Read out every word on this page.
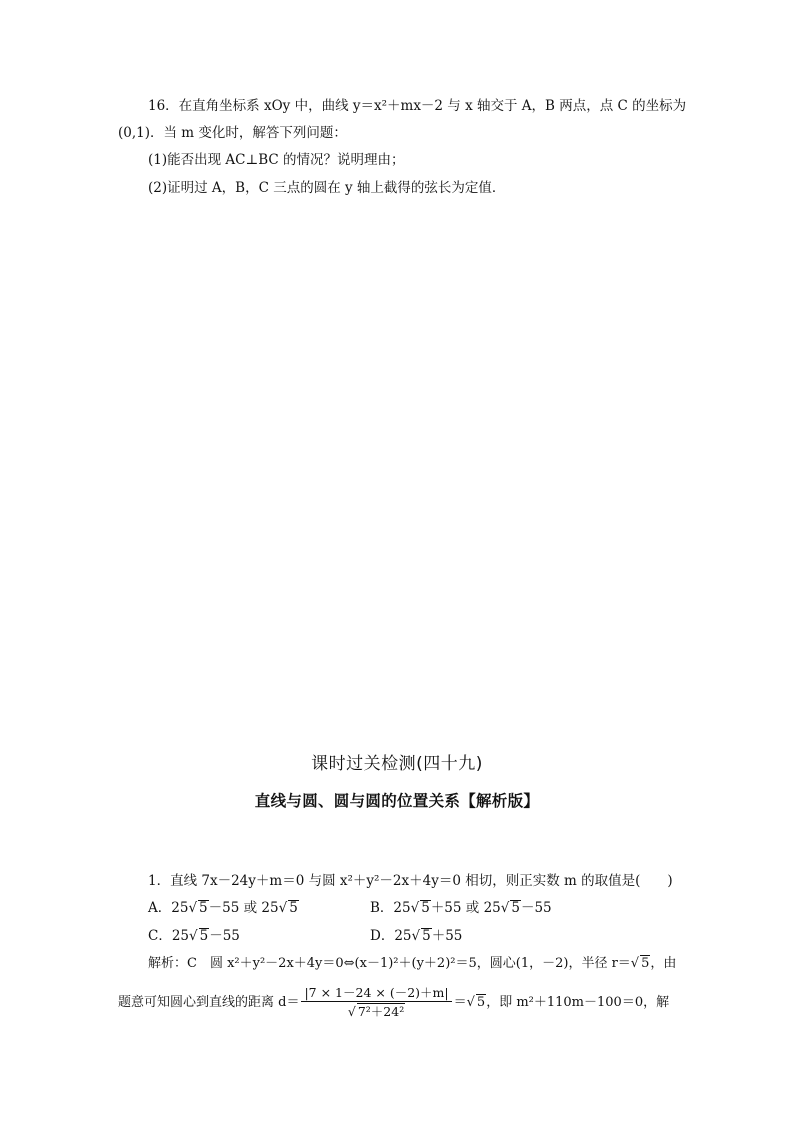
16．在直角坐标系 xOy 中，曲线 y＝x²＋mx－2 与 x 轴交于 A，B 两点，点 C 的坐标为
(0,1)．当 m 变化时，解答下列问题：
(1)能否出现 AC⊥BC 的情况？说明理由；
(2)证明过 A，B，C 三点的圆在 y 轴上截得的弦长为定值．
课时过关检测(四十九)
直线与圆、圆与圆的位置关系【解析版】
1．直线 7x－24y＋m＝0 与圆 x²＋y²－2x＋4y＝0 相切，则正实数 m 的取值是(　　)
A．25√ 5－55 或 25√ 5	B．25√ 5＋55 或 25√ 5－55
C．25√ 5－55	D．25√ 5＋55
解析：C　圆 x²＋y²－2x＋4y＝0⇔(x－1)²＋(y＋2)²＝5，圆心(1，－2)，半径 r＝√ 5，由
题意可知圆心到直线的距离 $d= \frac{|7 \times 1-24 \times (-2)+m|}{\text{√ 7²＋24²}}$ ＝√ 5，即 m²＋110m－100＝0，解
